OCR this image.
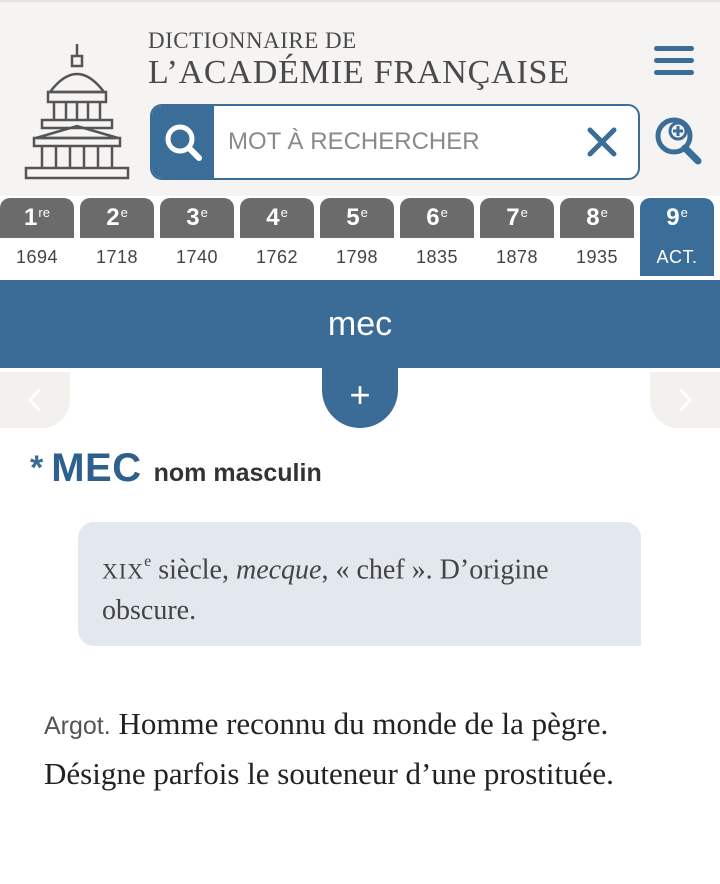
DICTIONNAIRE DE
L’ACADÉMIE FRANÇAISE
MOT À RECHERCHER
1 re
1694
2 e
1718
3 e
1740
4 e
1762
5 e
1798
6 e
1835
7 e
1878
8 e
1935
9 e
ACT.
mec
+
* MEC nom masculin
XIXe siècle, mecque, « chef ». D’origine obscure.
Argot. Homme reconnu du monde de la pègre. Désigne parfois le souteneur d’une prostituée.
